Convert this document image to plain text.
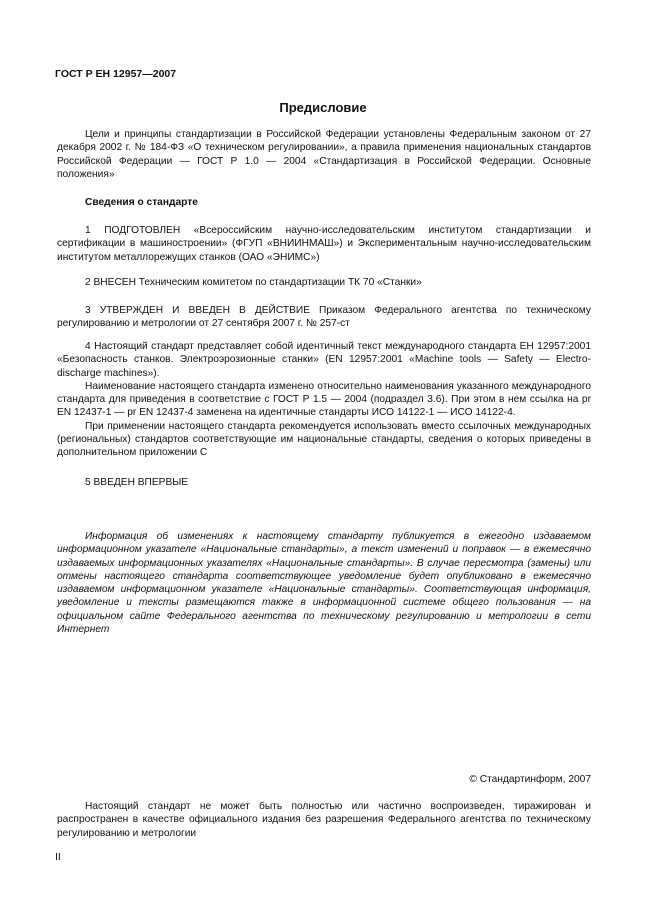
ГОСТ Р ЕН 12957—2007
Предисловие

Цели и принципы стандартизации в Российской Федерации установлены Федеральным законом от 27 декабря 2002 г. № 184-ФЗ «О техническом регулировании», а правила применения национальных стандартов Российской Федерации — ГОСТ Р 1.0 — 2004 «Стандартизация в Российской Федерации. Основные положения»

Сведения о стандарте

1 ПОДГОТОВЛЕН «Всероссийским научно-исследовательским институтом стандартизации и сертификации в машиностроении» (ФГУП «ВНИИНМАШ») и Экспериментальным научно-исследовательским институтом металлорежущих станков (ОАО «ЭНИМС»)

2 ВНЕСЕН Техническим комитетом по стандартизации ТК 70 «Станки»

3 УТВЕРЖДЕН И ВВЕДЕН В ДЕЙСТВИЕ Приказом Федерального агентства по техническому регулированию и метрологии от 27 сентября 2007 г. № 257-ст

4 Настоящий стандарт представляет собой идентичный текст международного стандарта ЕН 12957:2001 «Безопасность станков. Электроэрозионные станки» (EN 12957:2001 «Machine tools — Safety — Electro-discharge machines»).

Наименование настоящего стандарта изменено относительно наименования указанного международного стандарта для приведения в соответствие с ГОСТ Р 1.5 — 2004 (подраздел 3.6). При этом в нем ссылка на pr EN 12437-1 — pr EN 12437-4 заменена на идентичные стандарты ИСО 14122-1 — ИСО 14122-4.

При применении настоящего стандарта рекомендуется использовать вместо ссылочных международных (региональных) стандартов соответствующие им национальные стандарты, сведения о которых приведены в дополнительном приложении С

5 ВВЕДЕН ВПЕРВЫЕ

Информация об изменениях к настоящему стандарту публикуется в ежегодно издаваемом информационном указателе «Национальные стандарты», а текст изменений и поправок — в ежемесячно издаваемых информационных указателях «Национальные стандарты». В случае пересмотра (замены) или отмены настоящего стандарта соответствующее уведомление будет опубликовано в ежемесячно издаваемом информационном указателе «Национальные стандарты». Соответствующая информация, уведомление и тексты размещаются также в информационной системе общего пользования — на официальном сайте Федерального агентства по техническому регулированию и метрологии в сети Интернет

© Стандартинформ, 2007

Настоящий стандарт не может быть полностью или частично воспроизведен, тиражирован и распространен в качестве официального издания без разрешения Федерального агентства по техническому регулированию и метрологии

II
